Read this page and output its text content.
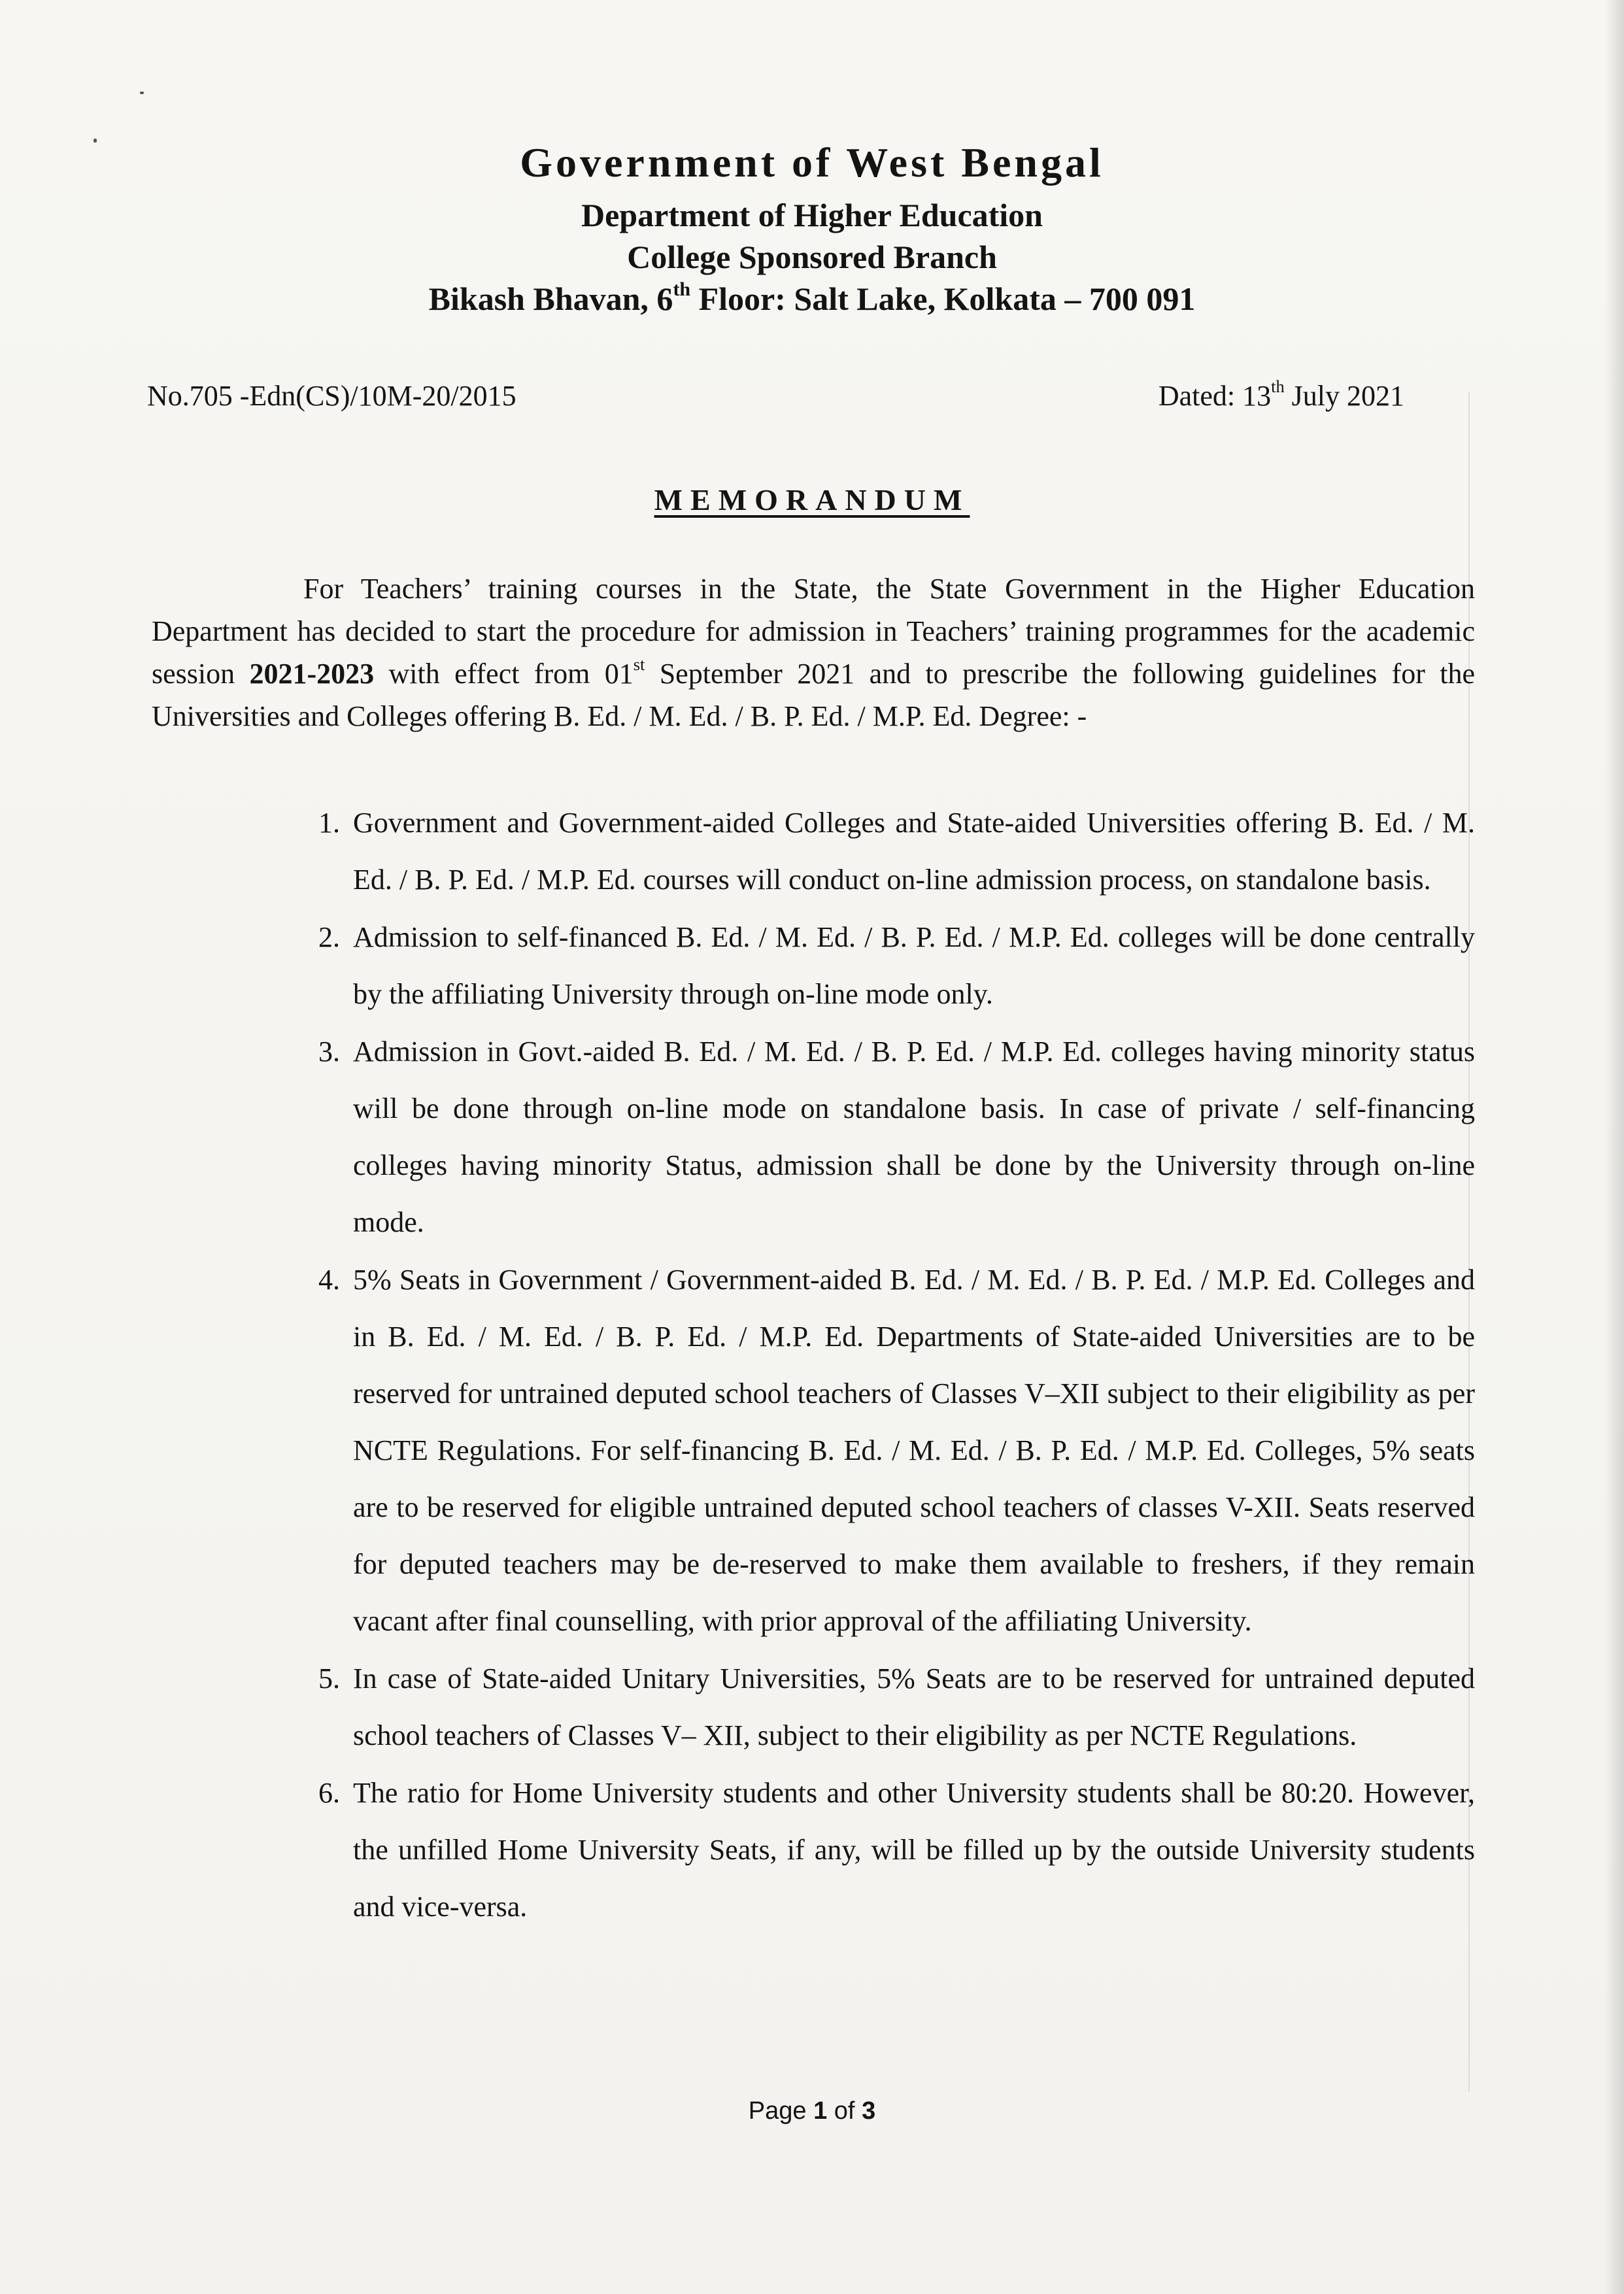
Government of West Bengal
Department of Higher Education
College Sponsored Branch
Bikash Bhavan, 6th Floor: Salt Lake, Kolkata – 700 091
No.705 -Edn(CS)/10M-20/2015	Dated: 13th July 2021
MEMORANDUM
For Teachers’ training courses in the State, the State Government in the Higher Education Department has decided to start the procedure for admission in Teachers’ training programmes for the academic session 2021-2023 with effect from 01st September 2021 and to prescribe the following guidelines for the Universities and Colleges offering B. Ed. / M. Ed. / B. P. Ed. / M.P. Ed. Degree: -
1. Government and Government-aided Colleges and State-aided Universities offering B. Ed. / M. Ed. / B. P. Ed. / M.P. Ed. courses will conduct on-line admission process, on standalone basis.
2. Admission to self-financed B. Ed. / M. Ed. / B. P. Ed. / M.P. Ed. colleges will be done centrally by the affiliating University through on-line mode only.
3. Admission in Govt.-aided B. Ed. / M. Ed. / B. P. Ed. / M.P. Ed. colleges having minority status will be done through on-line mode on standalone basis. In case of private / self-financing colleges having minority Status, admission shall be done by the University through on-line mode.
4. 5% Seats in Government / Government-aided B. Ed. / M. Ed. / B. P. Ed. / M.P. Ed. Colleges and in B. Ed. / M. Ed. / B. P. Ed. / M.P. Ed. Departments of State-aided Universities are to be reserved for untrained deputed school teachers of Classes V–XII subject to their eligibility as per NCTE Regulations. For self-financing B. Ed. / M. Ed. / B. P. Ed. / M.P. Ed. Colleges, 5% seats are to be reserved for eligible untrained deputed school teachers of classes V-XII. Seats reserved for deputed teachers may be de-reserved to make them available to freshers, if they remain vacant after final counselling, with prior approval of the affiliating University.
5. In case of State-aided Unitary Universities, 5% Seats are to be reserved for untrained deputed school teachers of Classes V– XII, subject to their eligibility as per NCTE Regulations.
6. The ratio for Home University students and other University students shall be 80:20. However, the unfilled Home University Seats, if any, will be filled up by the outside University students and vice-versa.
Page 1 of 3
